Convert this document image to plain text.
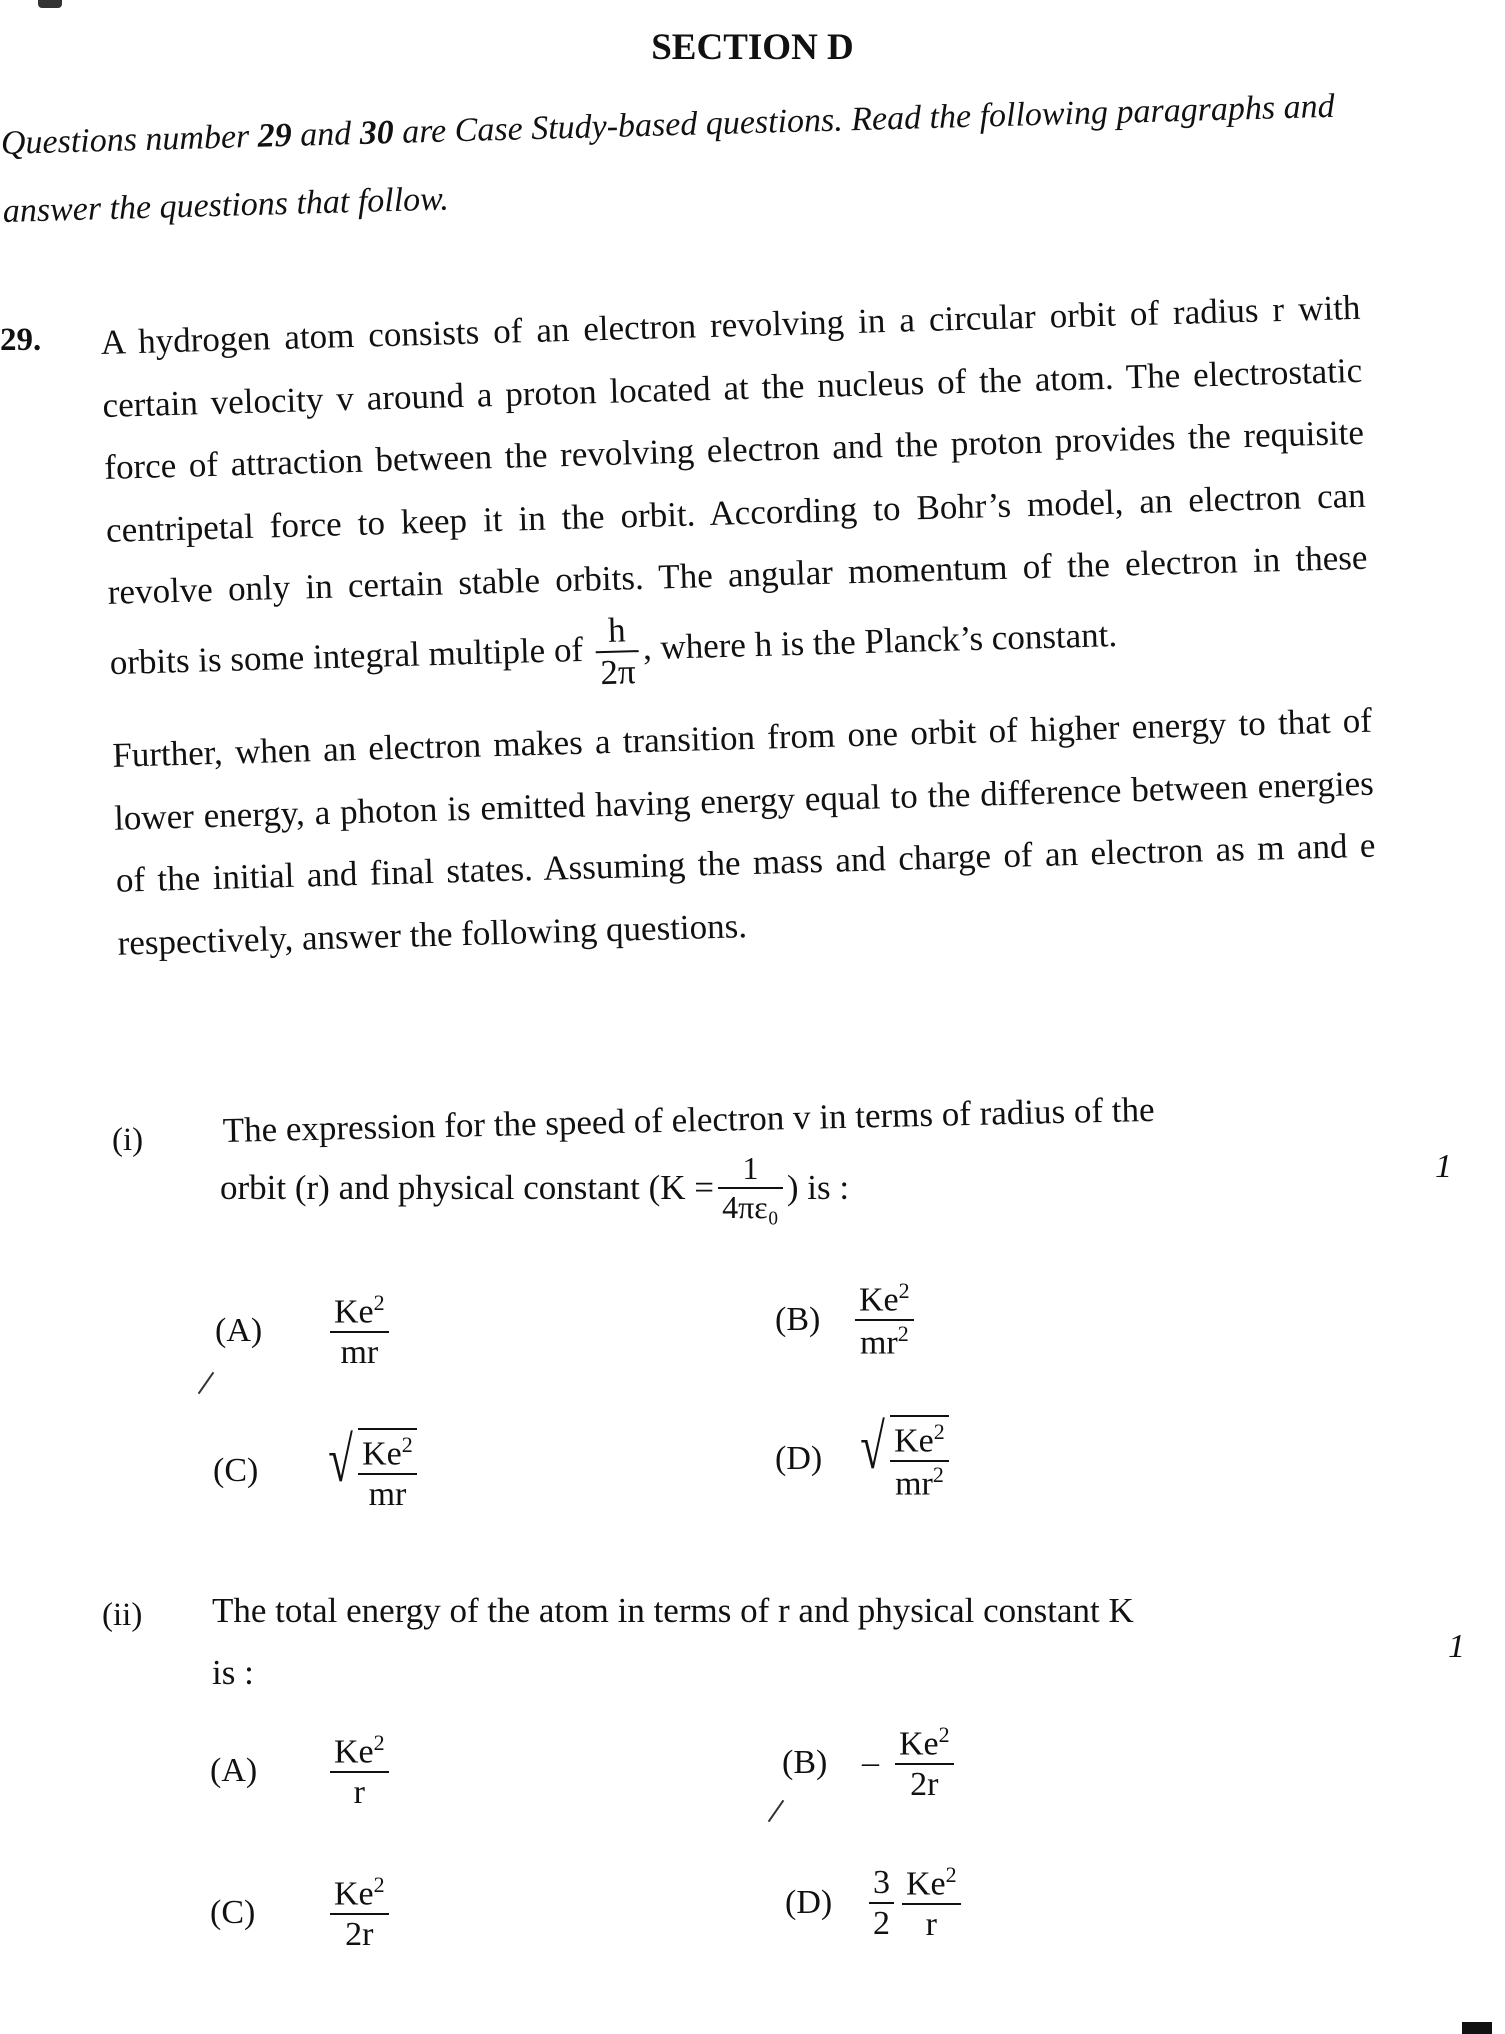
SECTION D
Questions number 29 and 30 are Case Study-based questions. Read the following paragraphs and answer the questions that follow.
29. A hydrogen atom consists of an electron revolving in a circular orbit of radius r with certain velocity v around a proton located at the nucleus of the atom. The electrostatic force of attraction between the revolving electron and the proton provides the requisite centripetal force to keep it in the orbit. According to Bohr’s model, an electron can revolve only in certain stable orbits. The angular momentum of the electron in these orbits is some integral multiple of $\frac{h}{2\pi}$ , where h is the Planck’s constant.

Further, when an electron makes a transition from one orbit of higher energy to that of lower energy, a photon is emitted having energy equal to the difference between energies of the initial and final states. Assuming the mass and charge of an electron as m and e respectively, answer the following questions.

(i) The expression for the speed of electron v in terms of radius of the
orbit (r) and physical constant ($K = \frac{1}{\text{4πε₀}}$ ) is :
1
(A)	$\frac{Ke^2}{mr}$	(B)	$\frac{Ke^2}{mr^2}$
(C)	√ $\frac{Ke^2}{mr}$	(D) √ $\frac{Ke^2}{mr^2}$
(ii) The total energy of the atom in terms of r and physical constant K
is :
1
(A)	$\frac{Ke^2}{r}$	(B)	– $\frac{Ke^2}{2r}$
(C)	$\frac{Ke^2}{2r}$	(D)	$\frac{3}{2} \frac{Ke^2}{r}$
